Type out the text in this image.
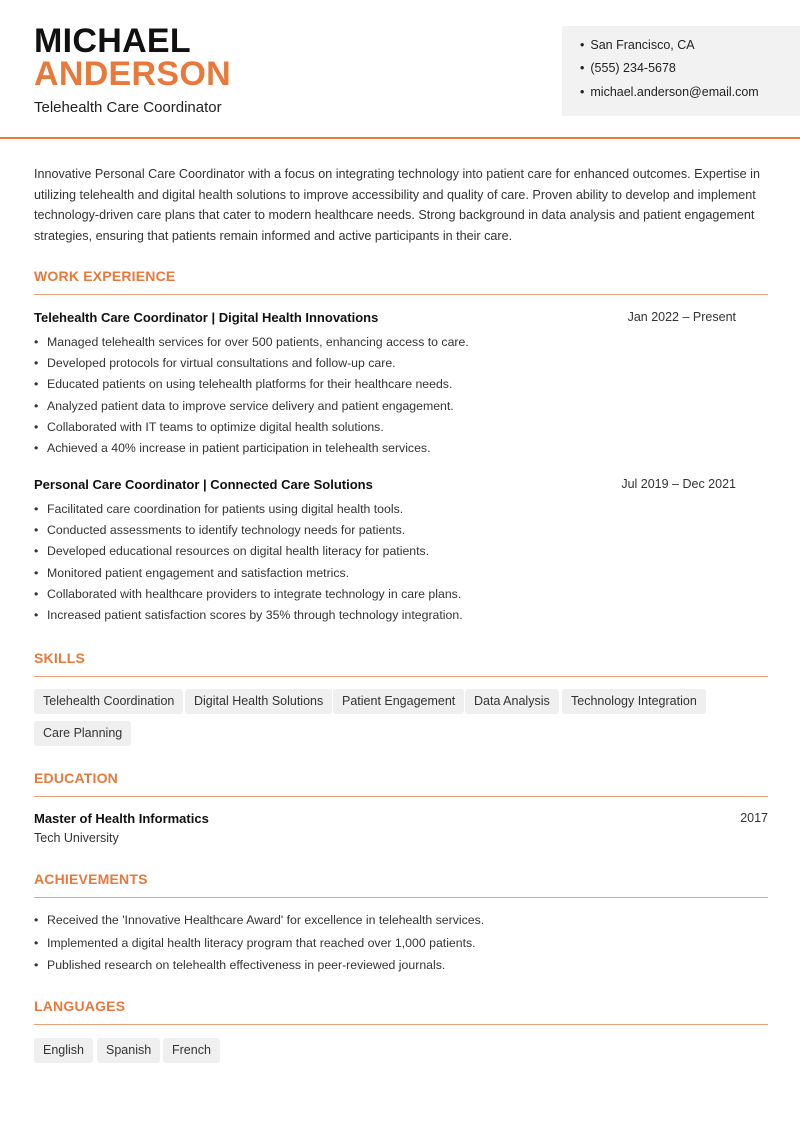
MICHAEL
ANDERSON
Telehealth Care Coordinator
• San Francisco, CA
• (555) 234-5678
• michael.anderson@email.com
Innovative Personal Care Coordinator with a focus on integrating technology into patient care for enhanced outcomes. Expertise in utilizing telehealth and digital health solutions to improve accessibility and quality of care. Proven ability to develop and implement technology-driven care plans that cater to modern healthcare needs. Strong background in data analysis and patient engagement strategies, ensuring that patients remain informed and active participants in their care.
WORK EXPERIENCE
Telehealth Care Coordinator | Digital Health Innovations	Jan 2022 – Present
• Managed telehealth services for over 500 patients, enhancing access to care.
• Developed protocols for virtual consultations and follow-up care.
• Educated patients on using telehealth platforms for their healthcare needs.
• Analyzed patient data to improve service delivery and patient engagement.
• Collaborated with IT teams to optimize digital health solutions.
• Achieved a 40% increase in patient participation in telehealth services.
Personal Care Coordinator | Connected Care Solutions	Jul 2019 – Dec 2021
• Facilitated care coordination for patients using digital health tools.
• Conducted assessments to identify technology needs for patients.
• Developed educational resources on digital health literacy for patients.
• Monitored patient engagement and satisfaction metrics.
• Collaborated with healthcare providers to integrate technology in care plans.
• Increased patient satisfaction scores by 35% through technology integration.
SKILLS
Telehealth Coordination	Digital Health Solutions	Patient Engagement	Data Analysis	Technology Integration
Care Planning
EDUCATION
Master of Health Informatics	2017
Tech University
ACHIEVEMENTS
• Received the 'Innovative Healthcare Award' for excellence in telehealth services.
• Implemented a digital health literacy program that reached over 1,000 patients.
• Published research on telehealth effectiveness in peer-reviewed journals.
LANGUAGES
English	Spanish	French
